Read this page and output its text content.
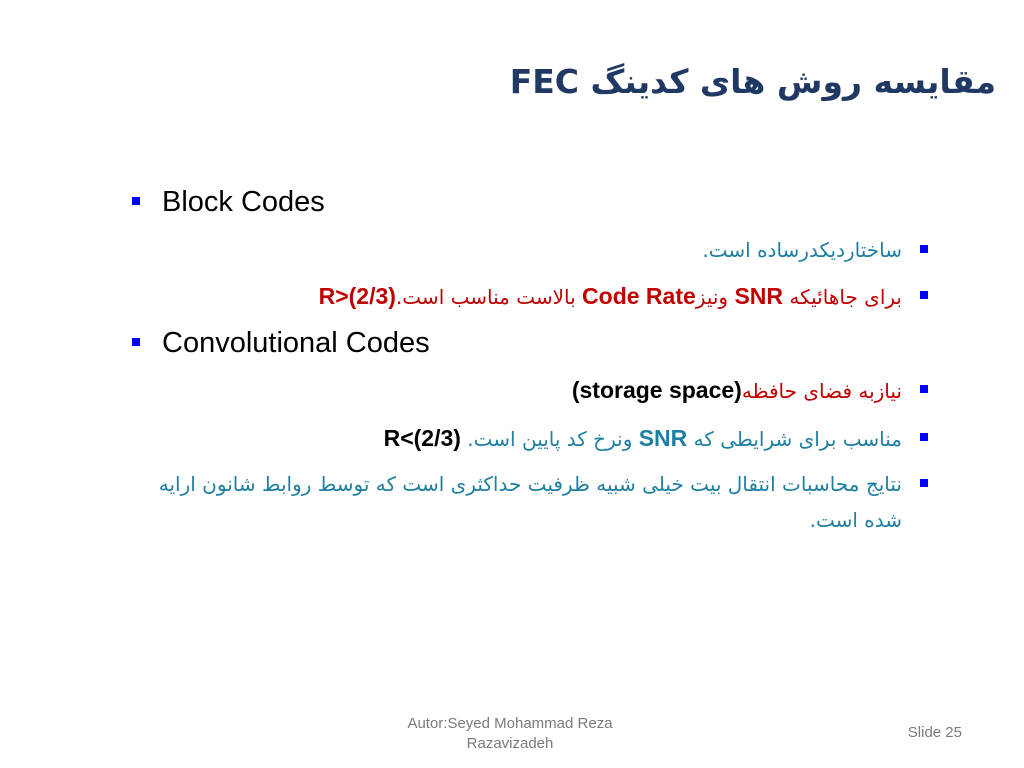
مقایسه روش های کدینگ FEC
Block Codes
ساختاردیکدرساده است.
برای جاهائیکه SNR ونیزCode Rate بالاست مناسب است.R>(2/3)
Convolutional Codes
نیازبه فضای حافظه(storage space)
مناسب برای شرایطی که SNR ونرخ کد پایین است. R<(2/3)
نتایج محاسبات انتقال بیت خیلی شبیه ظرفیت حداکثری است که توسط روابط شانون ارایه شده است.
Autor:Seyed Mohammad Reza Razavizadeh
Slide 25
